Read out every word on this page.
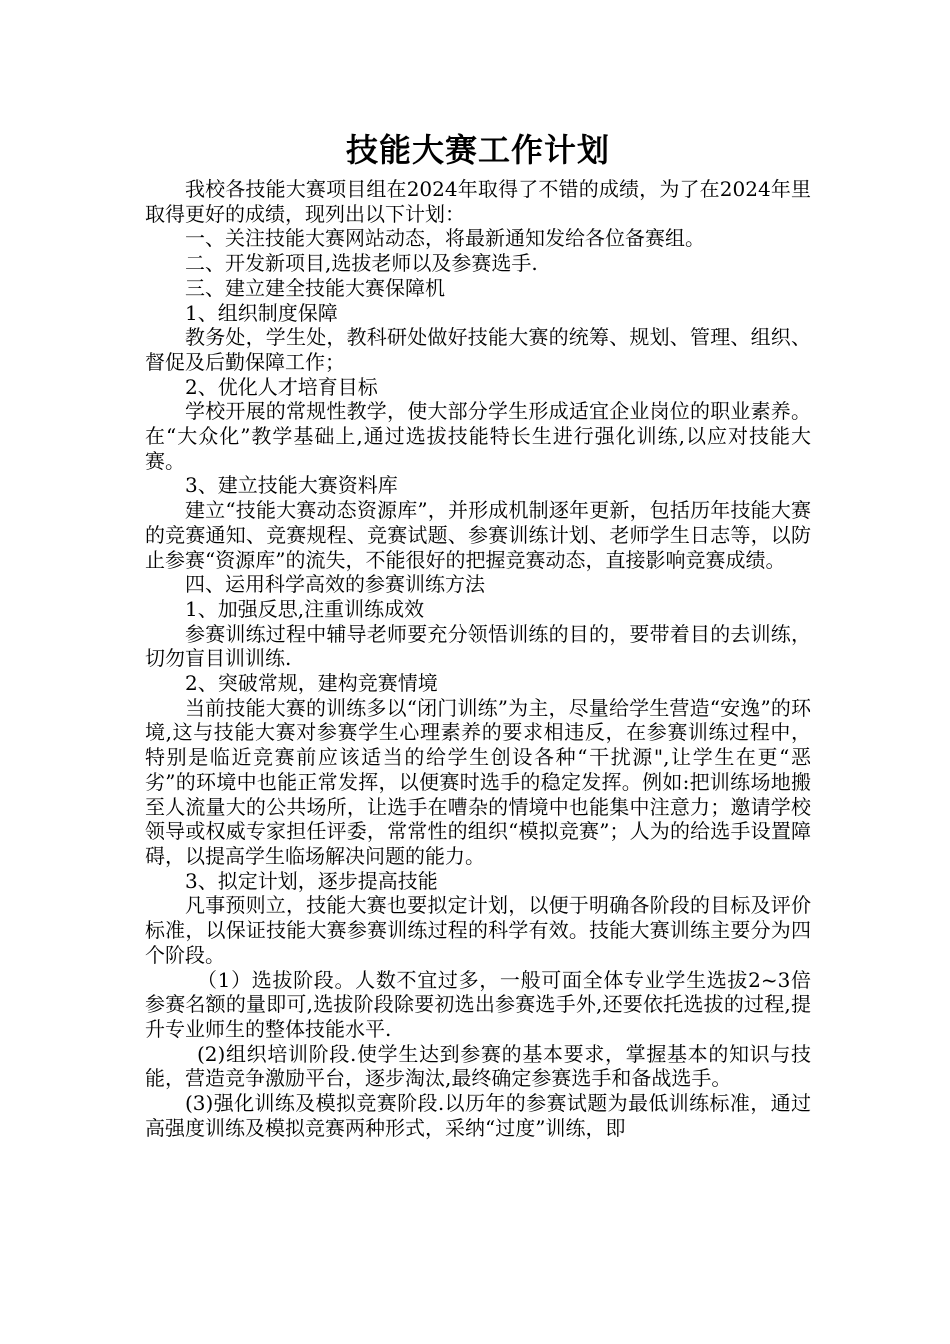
技能大赛工作计划

我校各技能大赛项目组在2024年取得了不错的成绩，为了在2024年里取得更好的成绩，现列出以下计划：

一、关注技能大赛网站动态，将最新通知发给各位备赛组。

二、开发新项目,选拔老师以及参赛选手.

三、建立建全技能大赛保障机

1、组织制度保障

教务处，学生处，教科研处做好技能大赛的统筹、规划、管理、组织、督促及后勤保障工作；

2、优化人才培育目标

学校开展的常规性教学，使大部分学生形成适宜企业岗位的职业素养。在“大众化”教学基础上,通过选拔技能特长生进行强化训练,以应对技能大赛。

3、建立技能大赛资料库

建立“技能大赛动态资源库”，并形成机制逐年更新，包括历年技能大赛的竞赛通知、竞赛规程、竞赛试题、参赛训练计划、老师学生日志等，以防止参赛“资源库”的流失，不能很好的把握竞赛动态，直接影响竞赛成绩。

四、运用科学高效的参赛训练方法

1、加强反思,注重训练成效

参赛训练过程中辅导老师要充分领悟训练的目的，要带着目的去训练，切勿盲目训训练.

2、突破常规，建构竞赛情境

当前技能大赛的训练多以“闭门训练”为主，尽量给学生营造“安逸”的环境,这与技能大赛对参赛学生心理素养的要求相违反，在参赛训练过程中，特别是临近竞赛前应该适当的给学生创设各种“干扰源",让学生在更“恶劣”的环境中也能正常发挥，以便赛时选手的稳定发挥。例如:把训练场地搬至人流量大的公共场所，让选手在嘈杂的情境中也能集中注意力；邀请学校领导或权威专家担任评委，常常性的组织“模拟竞赛”；人为的给选手设置障碍，以提高学生临场解决问题的能力。

3、拟定计划，逐步提高技能

凡事预则立，技能大赛也要拟定计划，以便于明确各阶段的目标及评价标准，以保证技能大赛参赛训练过程的科学有效。技能大赛训练主要分为四个阶段。

（1）选拔阶段。人数不宜过多，一般可面全体专业学生选拔2~3倍参赛名额的量即可,选拔阶段除要初选出参赛选手外,还要依托选拔的过程,提升专业师生的整体技能水平.

(2)组织培训阶段.使学生达到参赛的基本要求，掌握基本的知识与技能，营造竞争激励平台，逐步淘汰,最终确定参赛选手和备战选手。

(3)强化训练及模拟竞赛阶段.以历年的参赛试题为最低训练标准，通过高强度训练及模拟竞赛两种形式，采纳“过度”训练，即
